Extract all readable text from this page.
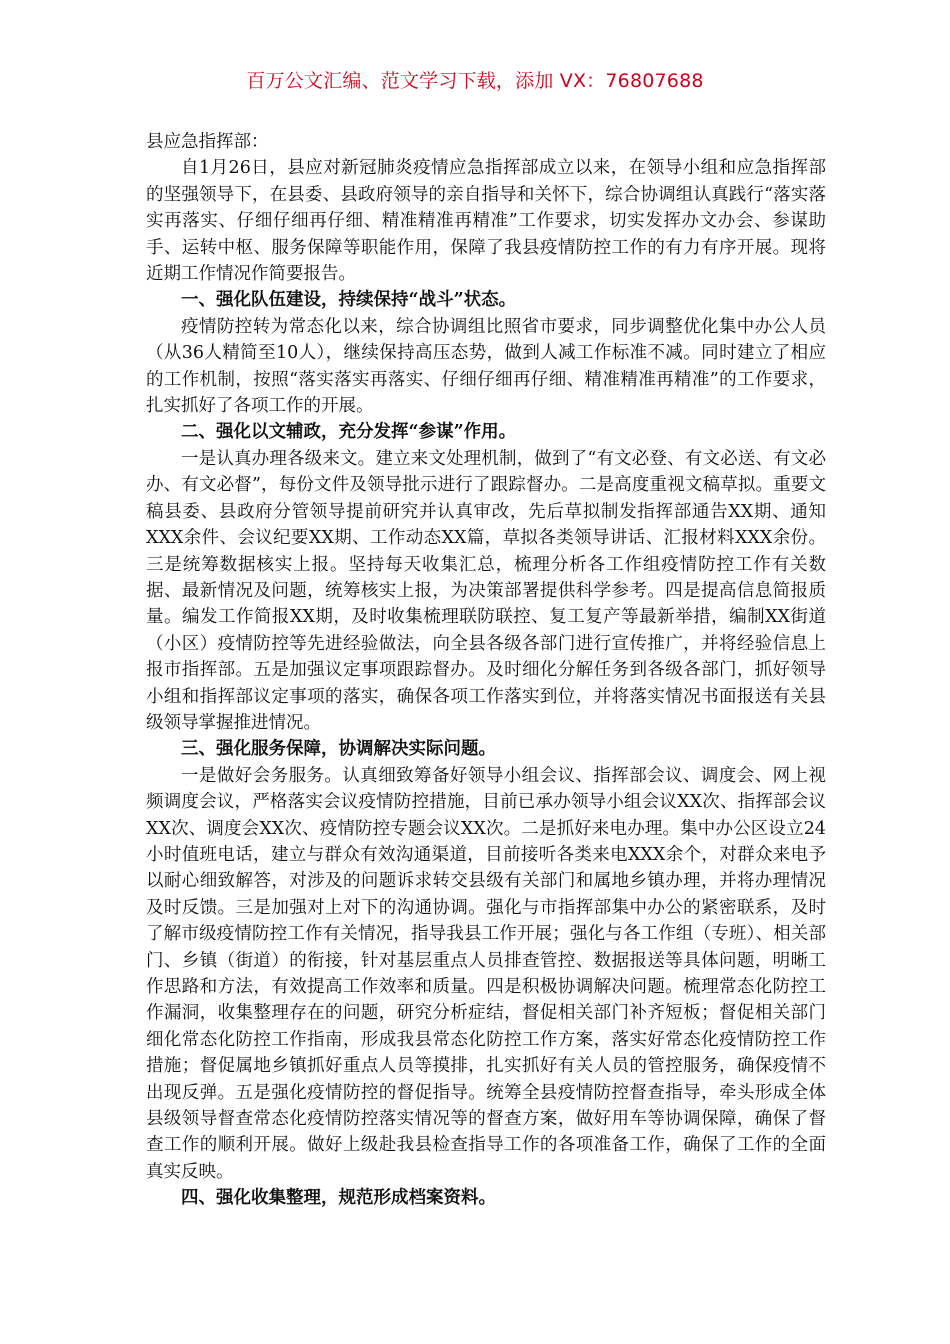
百万公文汇编、范文学习下载，添加 VX：76807688

县应急指挥部：

自1月26日，县应对新冠肺炎疫情应急指挥部成立以来，在领导小组和应急指挥部的坚强领导下，在县委、县政府领导的亲自指导和关怀下，综合协调组认真践行“落实落实再落实、仔细仔细再仔细、精准精准再精准”工作要求，切实发挥办文办会、参谋助手、运转中枢、服务保障等职能作用，保障了我县疫情防控工作的有力有序开展。现将近期工作情况作简要报告。

一、强化队伍建设，持续保持“战斗”状态。

疫情防控转为常态化以来，综合协调组比照省市要求，同步调整优化集中办公人员（从36人精简至10人），继续保持高压态势，做到人减工作标准不减。同时建立了相应的工作机制，按照“落实落实再落实、仔细仔细再仔细、精准精准再精准”的工作要求，扎实抓好了各项工作的开展。

二、强化以文辅政，充分发挥“参谋”作用。

一是认真办理各级来文。建立来文处理机制，做到了“有文必登、有文必送、有文必办、有文必督”，每份文件及领导批示进行了跟踪督办。二是高度重视文稿草拟。重要文稿县委、县政府分管领导提前研究并认真审改，先后草拟制发指挥部通告XX期、通知XXX余件、会议纪要XX期、工作动态XX篇，草拟各类领导讲话、汇报材料XXX余份。三是统筹数据核实上报。坚持每天收集汇总，梳理分析各工作组疫情防控工作有关数据、最新情况及问题，统筹核实上报，为决策部署提供科学参考。四是提高信息简报质量。编发工作简报XX期，及时收集梳理联防联控、复工复产等最新举措，编制XX街道（小区）疫情防控等先进经验做法，向全县各级各部门进行宣传推广，并将经验信息上报市指挥部。五是加强议定事项跟踪督办。及时细化分解任务到各级各部门，抓好领导小组和指挥部议定事项的落实，确保各项工作落实到位，并将落实情况书面报送有关县级领导掌握推进情况。

三、强化服务保障，协调解决实际问题。

一是做好会务服务。认真细致筹备好领导小组会议、指挥部会议、调度会、网上视频调度会议，严格落实会议疫情防控措施，目前已承办领导小组会议XX次、指挥部会议XX次、调度会XX次、疫情防控专题会议XX次。二是抓好来电办理。集中办公区设立24小时值班电话，建立与群众有效沟通渠道，目前接听各类来电XXX余个，对群众来电予以耐心细致解答，对涉及的问题诉求转交县级有关部门和属地乡镇办理，并将办理情况及时反馈。三是加强对上对下的沟通协调。强化与市指挥部集中办公的紧密联系，及时了解市级疫情防控工作有关情况，指导我县工作开展；强化与各工作组（专班）、相关部门、乡镇（街道）的衔接，针对基层重点人员排查管控、数据报送等具体问题，明晰工作思路和方法，有效提高工作效率和质量。四是积极协调解决问题。梳理常态化防控工作漏洞，收集整理存在的问题，研究分析症结，督促相关部门补齐短板；督促相关部门细化常态化防控工作指南，形成我县常态化防控工作方案，落实好常态化疫情防控工作措施；督促属地乡镇抓好重点人员等摸排，扎实抓好有关人员的管控服务，确保疫情不出现反弹。五是强化疫情防控的督促指导。统筹全县疫情防控督查指导，牵头形成全体县级领导督查常态化疫情防控落实情况等的督查方案，做好用车等协调保障，确保了督查工作的顺利开展。做好上级赴我县检查指导工作的各项准备工作，确保了工作的全面真实反映。

四、强化收集整理，规范形成档案资料。
